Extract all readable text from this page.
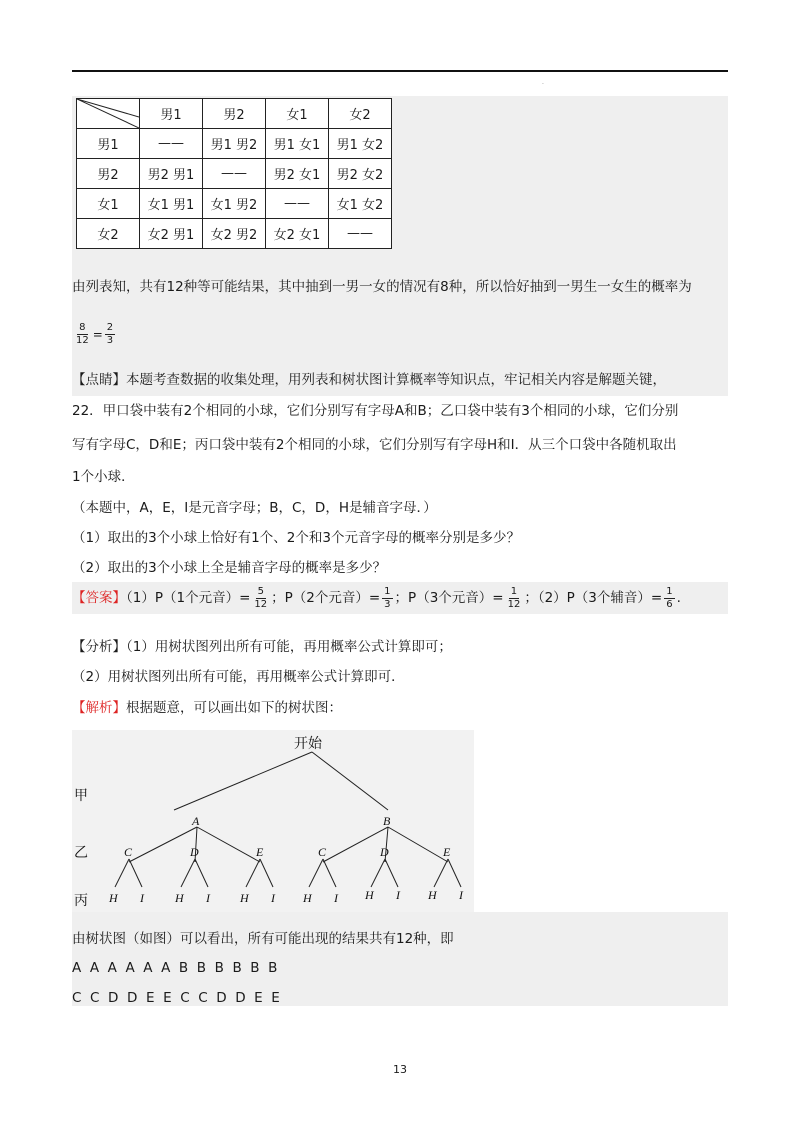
.
	男1	男2	女1	女2
男1	——	男1 男2	男1 女1	男1 女2
男2	男2 男1	——	男2 女1	男2 女2
女1	女1 男1	女1 男2	——	女1 女2
女2	女2 男1	女2 男2	女2 女1	——
由列表知，共有12种等可能结果，其中抽到一男一女的情况有8种，所以恰好抽到一男生一女生的概率为
$\frac{8}{12} = \frac{2}{3}$
【点睛】本题考查数据的收集处理，用列表和树状图计算概率等知识点，牢记相关内容是解题关键，
22．甲口袋中装有2个相同的小球，它们分别写有字母A和B；乙口袋中装有3个相同的小球，它们分别
写有字母C，D和E；丙口袋中装有2个相同的小球，它们分别写有字母H和I．从三个口袋中各随机取出
1个小球．
（本题中，A，E，I是元音字母；B，C，D，H是辅音字母．）
（1）取出的3个小球上恰好有1个、2个和3个元音字母的概率分别是多少？
（2）取出的3个小球上全是辅音字母的概率是多少？
【答案】（1）P（1个元音）= $\frac{5}{12}$ ；P（2个元音）= $\frac{1}{3}$ ；P（3个元音）= $\frac{1}{12}$ ；（2）P（3个辅音）= $\frac{1}{6}$ .
【分析】（1）用树状图列出所有可能，再用概率公式计算即可；
（2）用树状图列出所有可能，再用概率公式计算即可．
【解析】根据题意，可以画出如下的树状图：
开始
甲
乙
丙
A	B
C	D	E	C	D	E
H I	H I	H I H I H I H I
由树状图（如图）可以看出，所有可能出现的结果共有12种，即
A  A  A  A  A  A  B  B  B  B  B  B
C  C  D  D  E  E  C  C  D  D  E  E
13
